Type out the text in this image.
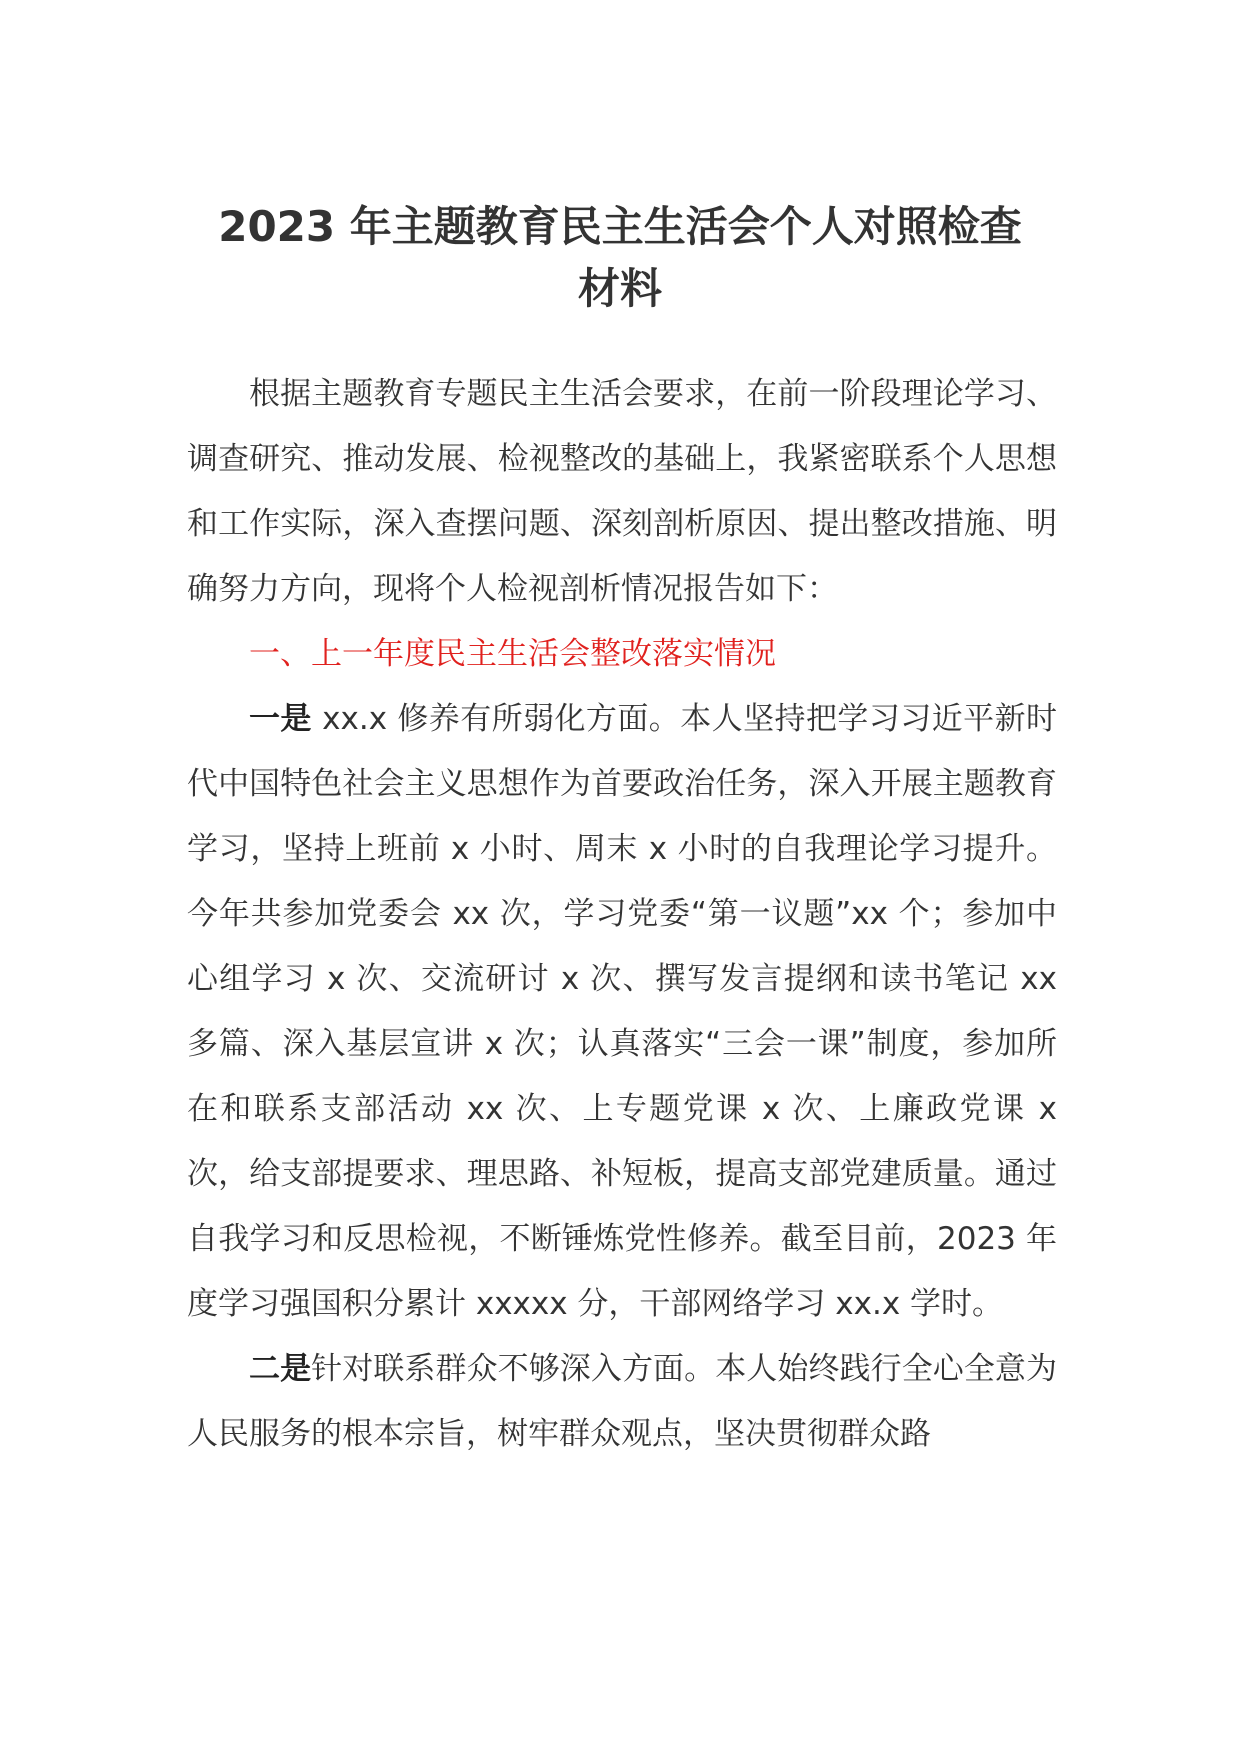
2023 年主题教育民主生活会个人对照检查
材料

根据主题教育专题民主生活会要求，在前一阶段理论学习、调查研究、推动发展、检视整改的基础上，我紧密联系个人思想和工作实际，深入查摆问题、深刻剖析原因、提出整改措施、明确努力方向，现将个人检视剖析情况报告如下：

一、上一年度民主生活会整改落实情况

一是 xx.x 修养有所弱化方面。本人坚持把学习习近平新时代中国特色社会主义思想作为首要政治任务，深入开展主题教育学习，坚持上班前 x 小时、周末 x 小时的自我理论学习提升。今年共参加党委会 xx 次，学习党委“第一议题”xx 个；参加中心组学习 x 次、交流研讨 x 次、撰写发言提纲和读书笔记 xx 多篇、深入基层宣讲 x 次；认真落实“三会一课”制度，参加所在和联系支部活动 xx 次、上专题党课 x 次、上廉政党课 x 次，给支部提要求、理思路、补短板，提高支部党建质量。通过自我学习和反思检视，不断锤炼党性修养。截至目前，2023 年度学习强国积分累计 xxxxx 分，干部网络学习 xx.x 学时。

二是针对联系群众不够深入方面。本人始终践行全心全意为人民服务的根本宗旨，树牢群众观点，坚决贯彻群众路
